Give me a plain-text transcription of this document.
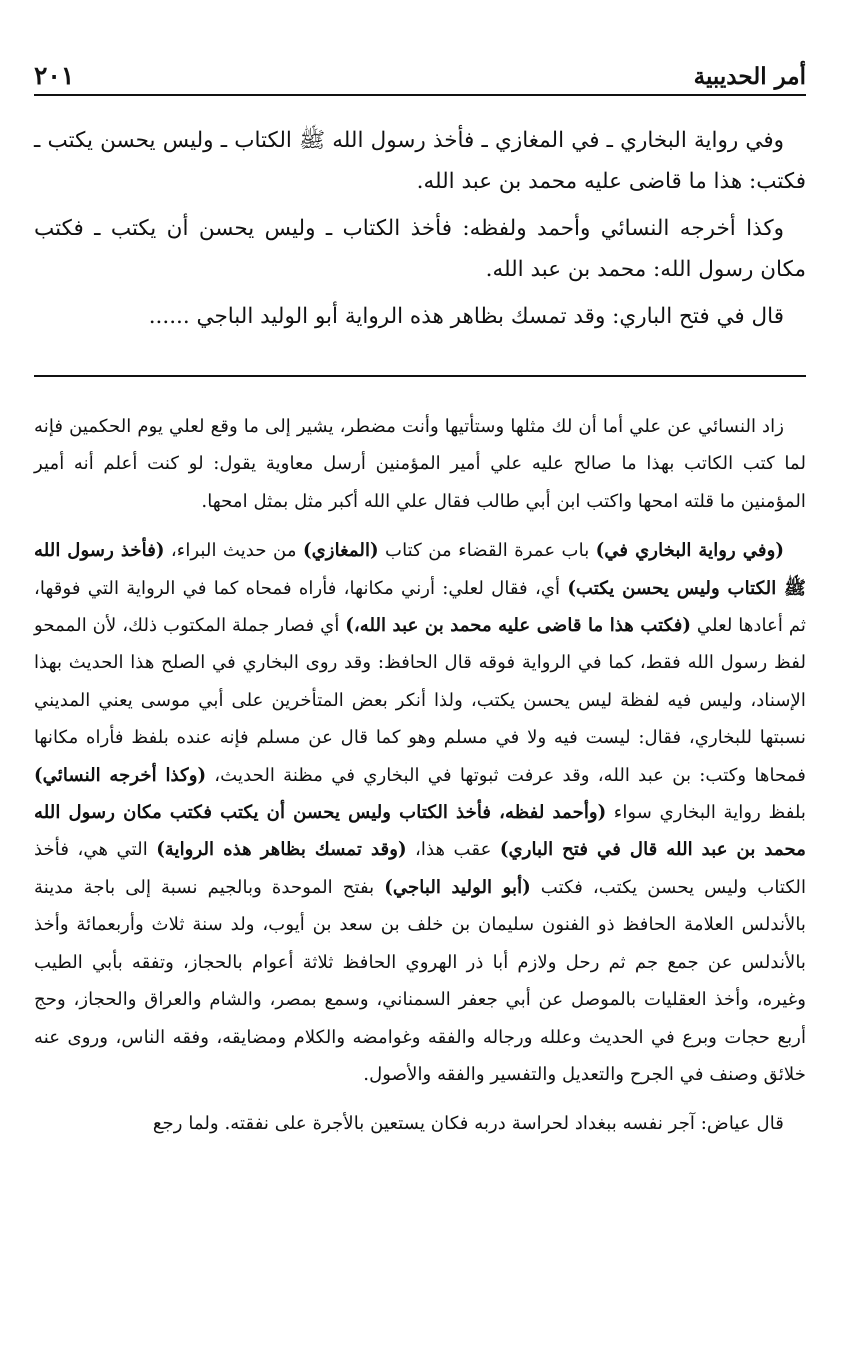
أمر الحديبية
٢٠١

وفي رواية البخاري ـ في المغازي ـ فأخذ رسول الله ﷺ الكتاب ـ وليس يحسن يكتب ـ فكتب: هذا ما قاضى عليه محمد بن عبد الله.

وكذا أخرجه النسائي وأحمد ولفظه: فأخذ الكتاب ـ وليس يحسن أن يكتب ـ فكتب مكان رسول الله: محمد بن عبد الله.

قال في فتح الباري: وقد تمسك بظاهر هذه الرواية أبو الوليد الباجي ......

زاد النسائي عن علي أما أن لك مثلها وستأتيها وأنت مضطر، يشير إلى ما وقع لعلي يوم الحكمين فإنه لما كتب الكاتب بهذا ما صالح عليه علي أمير المؤمنين أرسل معاوية يقول: لو كنت أعلم أنه أمير المؤمنين ما قلته امحها واكتب ابن أبي طالب فقال علي الله أكبر مثل بمثل امحها.

(وفي رواية البخاري في) باب عمرة القضاء من كتاب (المغازي) من حديث البراء، (فأخذ رسول الله ﷺ الكتاب وليس يحسن يكتب) أي، فقال لعلي: أرني مكانها، فأراه فمحاه كما في الرواية التي فوقها، ثم أعادها لعلي (فكتب هذا ما قاضى عليه محمد بن عبد الله،) أي فصار جملة المكتوب ذلك، لأن الممحو لفظ رسول الله فقط، كما في الرواية فوقه قال الحافظ: وقد روى البخاري في الصلح هذا الحديث بهذا الإسناد، وليس فيه لفظة ليس يحسن يكتب، ولذا أنكر بعض المتأخرين على أبي موسى يعني المديني نسبتها للبخاري، فقال: ليست فيه ولا في مسلم وهو كما قال عن مسلم فإنه عنده بلفظ فأراه مكانها فمحاها وكتب: بن عبد الله، وقد عرفت ثبوتها في البخاري في مظنة الحديث، (وكذا أخرجه النسائي) بلفظ رواية البخاري سواء (وأحمد لفظه، فأخذ الكتاب وليس يحسن أن يكتب فكتب مكان رسول الله محمد بن عبد الله قال في فتح الباري) عقب هذا، (وقد تمسك بظاهر هذه الرواية) التي هي، فأخذ الكتاب وليس يحسن يكتب، فكتب (أبو الوليد الباجي) بفتح الموحدة وبالجيم نسبة إلى باجة مدينة بالأندلس العلامة الحافظ ذو الفنون سليمان بن خلف بن سعد بن أيوب، ولد سنة ثلاث وأربعمائة وأخذ بالأندلس عن جمع جم ثم رحل ولازم أبا ذر الهروي الحافظ ثلاثة أعوام بالحجاز، وتفقه بأبي الطيب وغيره، وأخذ العقليات بالموصل عن أبي جعفر السمناني، وسمع بمصر، والشام والعراق والحجاز، وحج أربع حجات وبرع في الحديث وعلله ورجاله والفقه وغوامضه والكلام ومضايقه، وفقه الناس، وروى عنه خلائق وصنف في الجرح والتعديل والتفسير والفقه والأصول.

قال عياض: آجر نفسه ببغداد لحراسة دربه فكان يستعين بالأجرة على نفقته. ولما رجع
